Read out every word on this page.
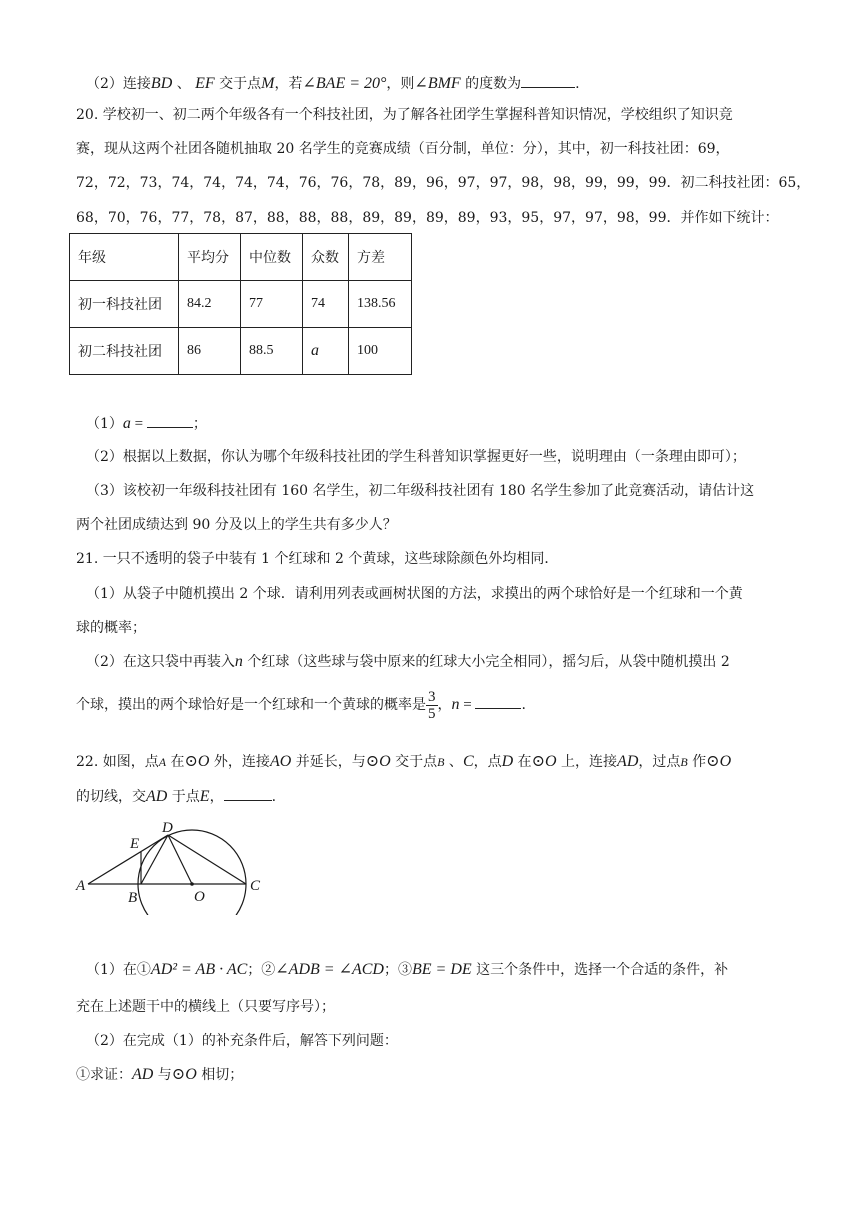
（2）连接BD 、 EF 交于点M，若∠BAE = 20°，则∠BMF 的度数为	.
20. 学校初一、初二两个年级各有一个科技社团，为了解各社团学生掌握科普知识情况，学校组织了知识竞
赛，现从这两个社团各随机抽取 20 名学生的竞赛成绩（百分制，单位：分），其中，初一科技社团：69，
72，72，73，74，74，74，74，76，76，78，89，96，97，97，98，98，99，99，99．初二科技社团：65，
68，70，76，77，78，87，88，88，88，89，89，89，89，93，95，97，97，98，99．并作如下统计：
年级	平均分	中位数	众数	方差
初一科技社团	84.2	77	74	138.56
初二科技社团	86	88.5	a	100
（1）a =	；
（2）根据以上数据，你认为哪个年级科技社团的学生科普知识掌握更好一些，说明理由（一条理由即可）；
（3）该校初一年级科技社团有 160 名学生，初二年级科技社团有 180 名学生参加了此竞赛活动，请估计这
两个社团成绩达到 90 分及以上的学生共有多少人？
21. 一只不透明的袋子中装有 1 个红球和 2 个黄球，这些球除颜色外均相同．
（1）从袋子中随机摸出 2 个球．请利用列表或画树状图的方法，求摸出的两个球恰好是一个红球和一个黄
球的概率；
（2）在这只袋中再装入n 个红球（这些球与袋中原来的红球大小完全相同），摇匀后，从袋中随机摸出 2
个球，摸出的两个球恰好是一个红球和一个黄球的概率是 $\frac{3}{5}$ ，n =	.
22. 如图，点A 在⊙O 外，连接AO 并延长，与⊙O 交于点B 、C，点D 在⊙O 上，连接AD，过点B 作⊙O
的切线，交AD 于点E，	.
A
B
C
D
E
O
（1）在①AD² = AB · AC；②∠ADB = ∠ACD；③BE = DE 这三个条件中，选择一个合适的条件，补
充在上述题干中的横线上（只要写序号）；
（2）在完成（1）的补充条件后，解答下列问题：
①求证：AD 与⊙O 相切；
